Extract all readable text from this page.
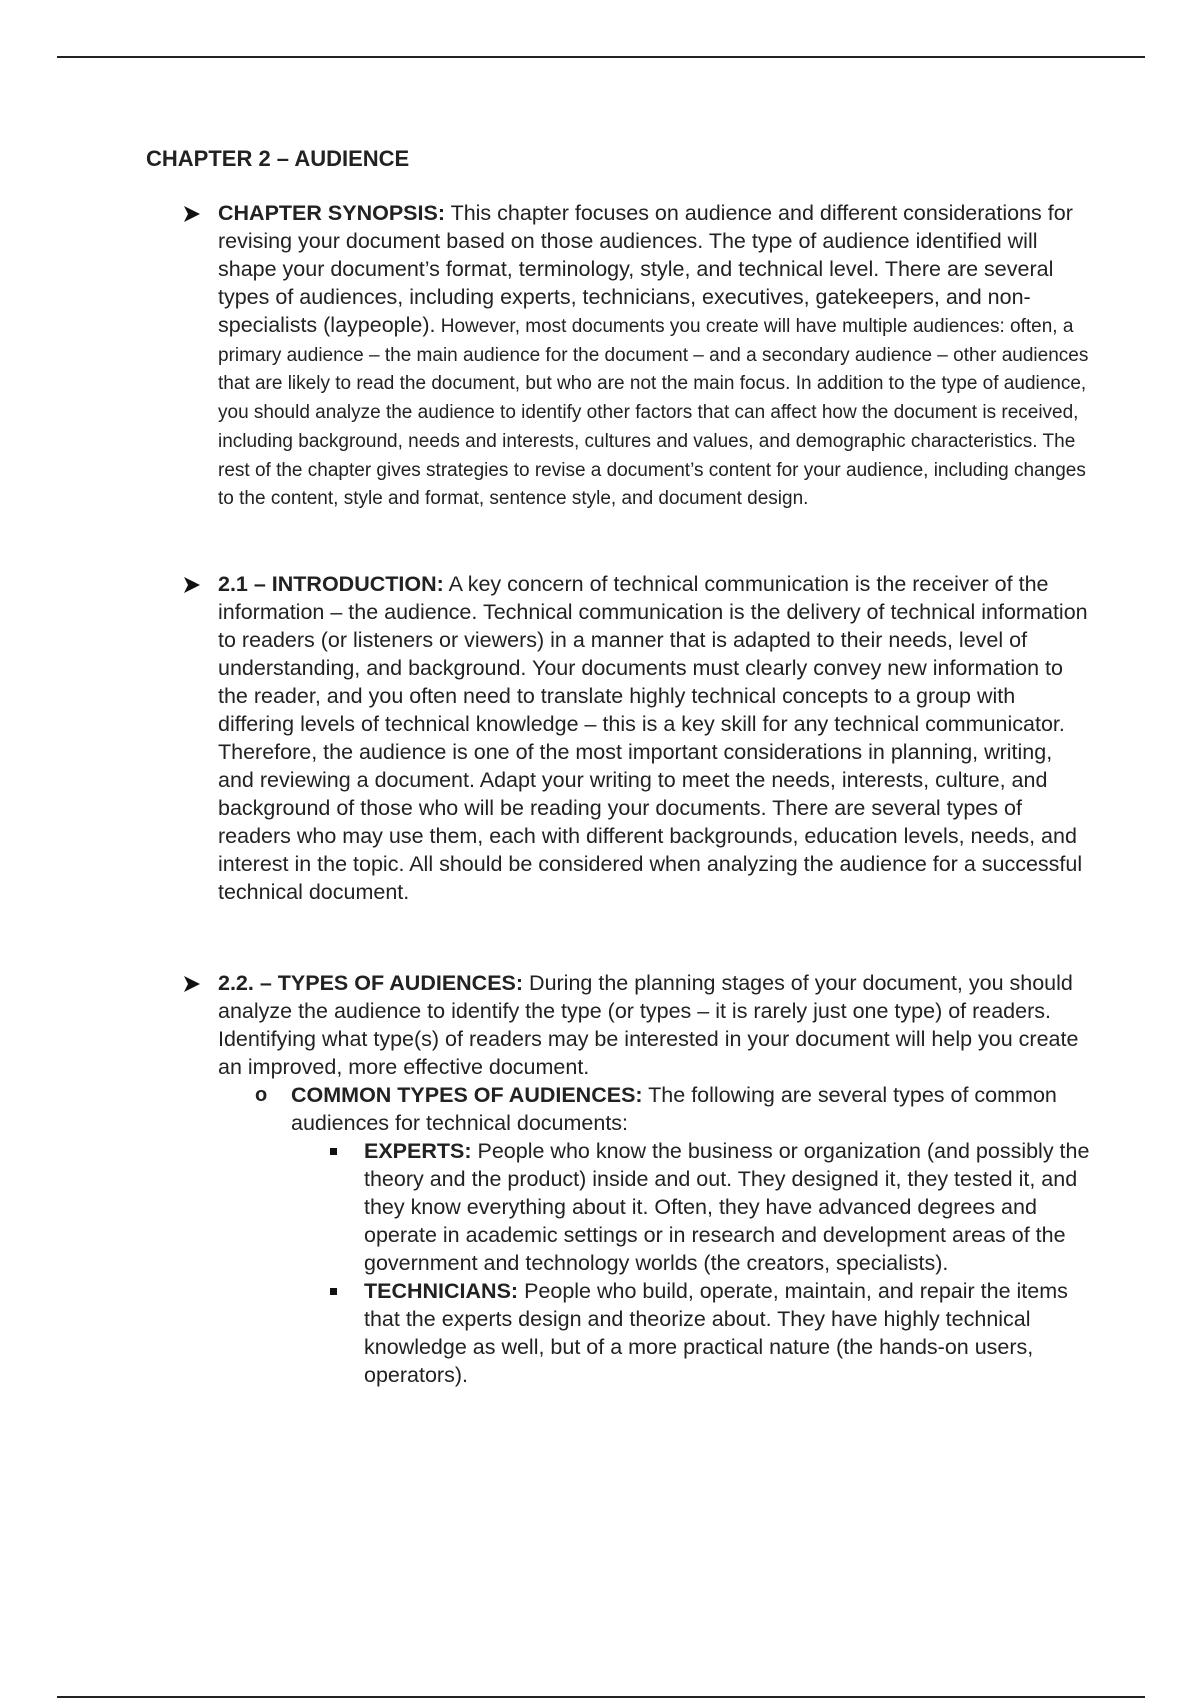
CHAPTER 2 – AUDIENCE
CHAPTER SYNOPSIS: This chapter focuses on audience and different considerations for revising your document based on those audiences. The type of audience identified will shape your document’s format, terminology, style, and technical level. There are several types of audiences, including experts, technicians, executives, gatekeepers, and non-specialists (laypeople). However, most documents you create will have multiple audiences: often, a primary audience – the main audience for the document – and a secondary audience – other audiences that are likely to read the document, but who are not the main focus. In addition to the type of audience, you should analyze the audience to identify other factors that can affect how the document is received, including background, needs and interests, cultures and values, and demographic characteristics. The rest of the chapter gives strategies to revise a document’s content for your audience, including changes to the content, style and format, sentence style, and document design.
2.1 – INTRODUCTION: A key concern of technical communication is the receiver of the information – the audience. Technical communication is the delivery of technical information to readers (or listeners or viewers) in a manner that is adapted to their needs, level of understanding, and background. Your documents must clearly convey new information to the reader, and you often need to translate highly technical concepts to a group with differing levels of technical knowledge – this is a key skill for any technical communicator. Therefore, the audience is one of the most important considerations in planning, writing, and reviewing a document. Adapt your writing to meet the needs, interests, culture, and background of those who will be reading your documents. There are several types of readers who may use them, each with different backgrounds, education levels, needs, and interest in the topic. All should be considered when analyzing the audience for a successful technical document.
2.2. – TYPES OF AUDIENCES: During the planning stages of your document, you should analyze the audience to identify the type (or types – it is rarely just one type) of readers. Identifying what type(s) of readers may be interested in your document will help you create an improved, more effective document.
o COMMON TYPES OF AUDIENCES: The following are several types of common audiences for technical documents:
EXPERTS: People who know the business or organization (and possibly the theory and the product) inside and out. They designed it, they tested it, and they know everything about it. Often, they have advanced degrees and operate in academic settings or in research and development areas of the government and technology worlds (the creators, specialists).
TECHNICIANS: People who build, operate, maintain, and repair the items that the experts design and theorize about. They have highly technical knowledge as well, but of a more practical nature (the hands-on users, operators).
